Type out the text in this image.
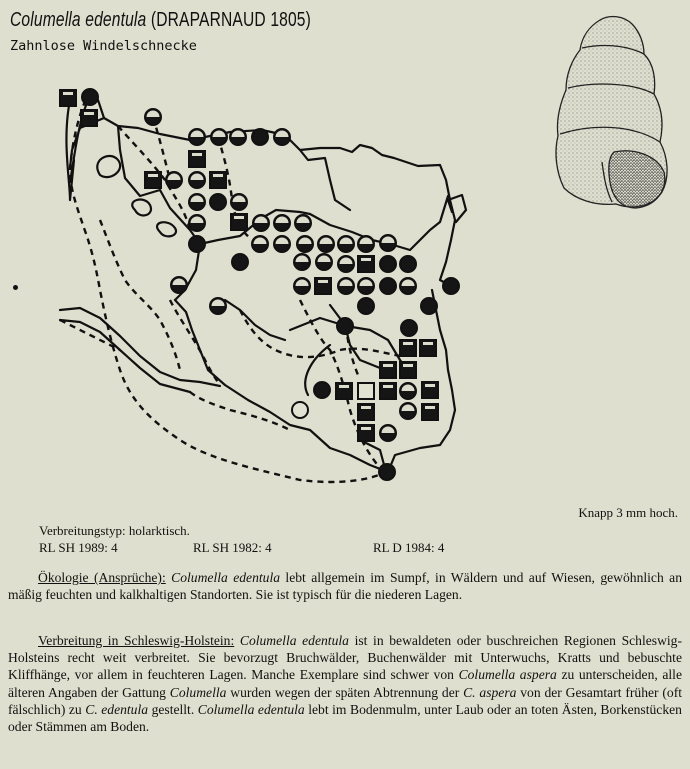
Columella edentula (DRAPARNAUD 1805)
Zahnlose Windelschnecke
Knapp 3 mm hoch.
Verbreitungstyp: holarktisch.
RL SH 1989: 4	RL SH 1982: 4	RL D 1984: 4
Ökologie (Ansprüche): Columella edentula lebt allgemein im Sumpf, in Wäldern und auf Wiesen, gewöhnlich an mäßig feuchten und kalkhaltigen Standorten. Sie ist typisch für die niederen Lagen.
Verbreitung in Schleswig-Holstein: Columella edentula ist in bewaldeten oder buschreichen Regionen Schleswig-Holsteins recht weit verbreitet. Sie bevorzugt Bruchwälder, Buchenwälder mit Unterwuchs, Kratts und bebuschte Kliffhänge, vor allem in feuchteren Lagen. Manche Exemplare sind schwer von Columella aspera zu unterscheiden, alle älteren Angaben der Gattung Columella wurden wegen der späten Abtrennung der C. aspera von der Gesamtart früher (oft fälschlich) zu C. edentula gestellt. Columella edentula lebt im Bodenmulm, unter Laub oder an toten Ästen, Borkenstücken oder Stämmen am Boden.
